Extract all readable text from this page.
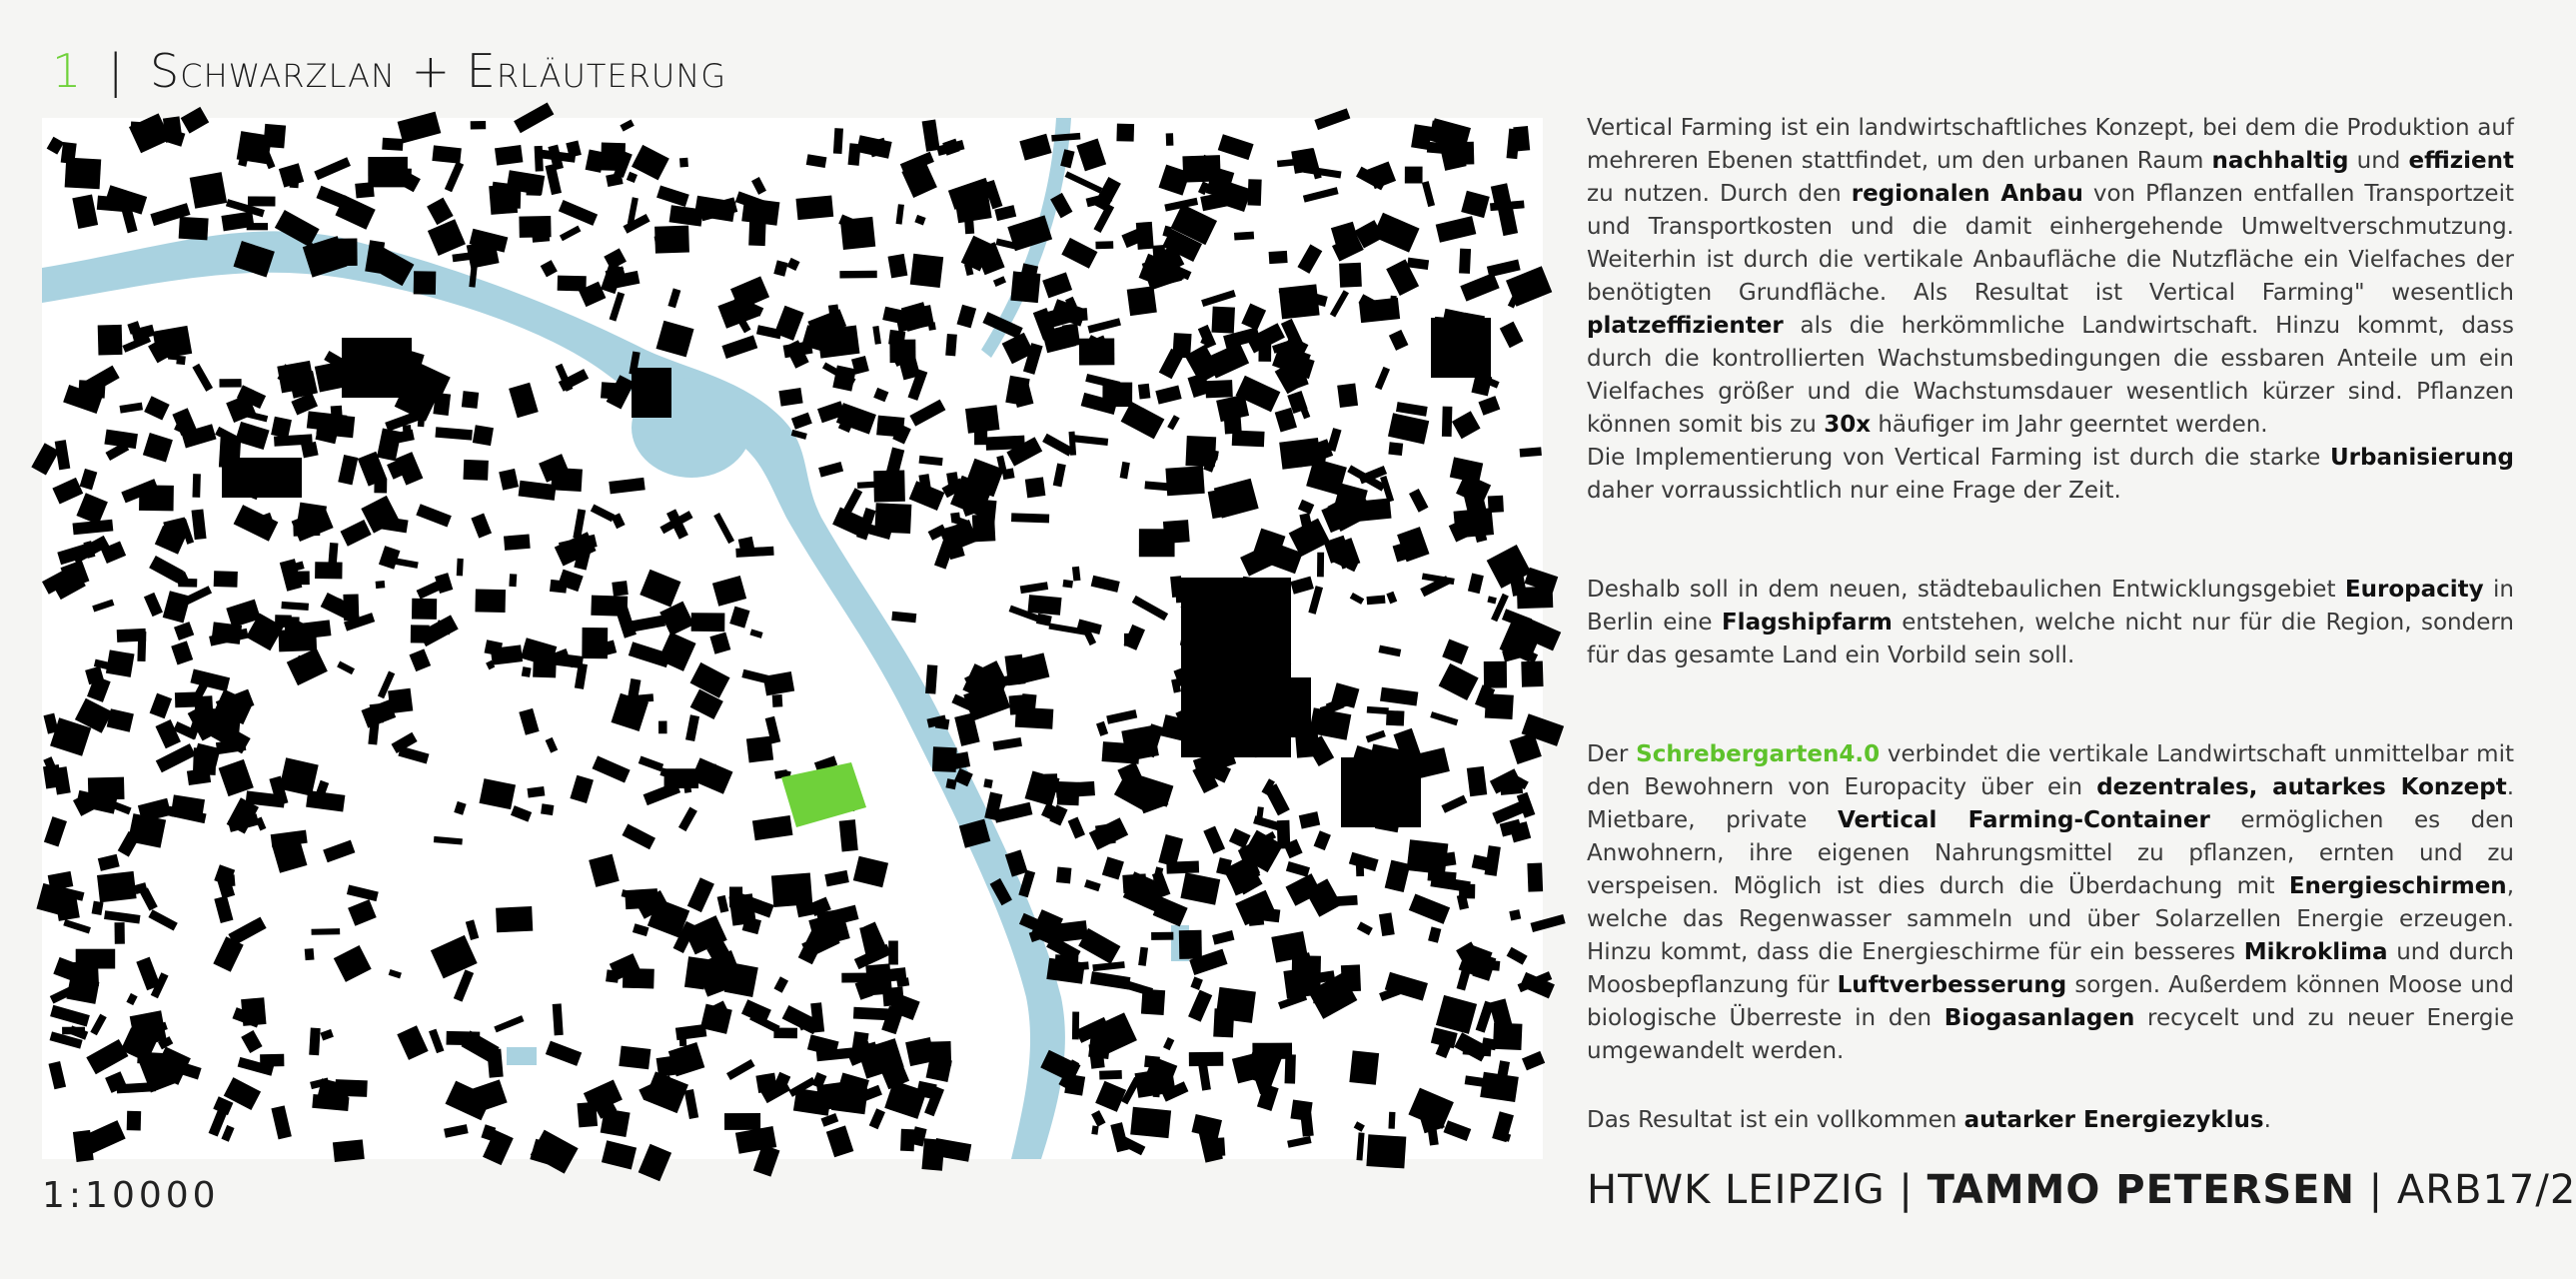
1 | Schwarzlan + Erläuterung
1:10000

Vertical Farming ist ein landwirtschaftliches Konzept, bei dem die Produktion auf mehreren Ebenen stattfindet, um den urbanen Raum nachhaltig und effizient zu nutzen. Durch den regionalen Anbau von Pflanzen entfallen Transportzeit und Transportkosten und die damit einhergehende Umweltverschmutzung. Weiterhin ist durch die vertikale Anbaufläche die Nutzfläche ein Vielfaches der benötigten Grundfläche. Als Resultat ist Vertical Farming" wesentlich platzeffizienter als die herkömmliche Landwirtschaft. Hinzu kommt, dass durch die kontrollierten Wachstumsbedingungen die essbaren Anteile um ein Vielfaches größer und die Wachstumsdauer wesentlich kürzer sind. Pflanzen können somit bis zu 30x häufiger im Jahr geerntet werden.

Die Implementierung von Vertical Farming ist durch die starke Urbanisierung daher vorraussichtlich nur eine Frage der Zeit.

Deshalb soll in dem neuen, städtebaulichen Entwicklungsgebiet Europacity in Berlin eine Flagshipfarm entstehen, welche nicht nur für die Region, sondern für das gesamte Land ein Vorbild sein soll.

Der Schrebergarten4.0 verbindet die vertikale Landwirtschaft unmittelbar mit den Bewohnern von Europacity über ein dezentrales, autarkes Konzept. Mietbare, private Vertical Farming-Container ermöglichen es den Anwohnern, ihre eigenen Nahrungsmittel zu pflanzen, ernten und zu verspeisen. Möglich ist dies durch die Überdachung mit Energieschirmen, welche das Regenwasser sammeln und über Solarzellen Energie erzeugen. Hinzu kommt, dass die Energieschirme für ein besseres Mikroklima und durch Moosbepflanzung für Luftverbesserung sorgen. Außerdem können Moose und biologische Überreste in den Biogasanlagen recycelt und zu neuer Energie umgewandelt werden.

Das Resultat ist ein vollkommen autarker Energiezyklus.

HTWK LEIPZIG | TAMMO PETERSEN | ARB17/2
